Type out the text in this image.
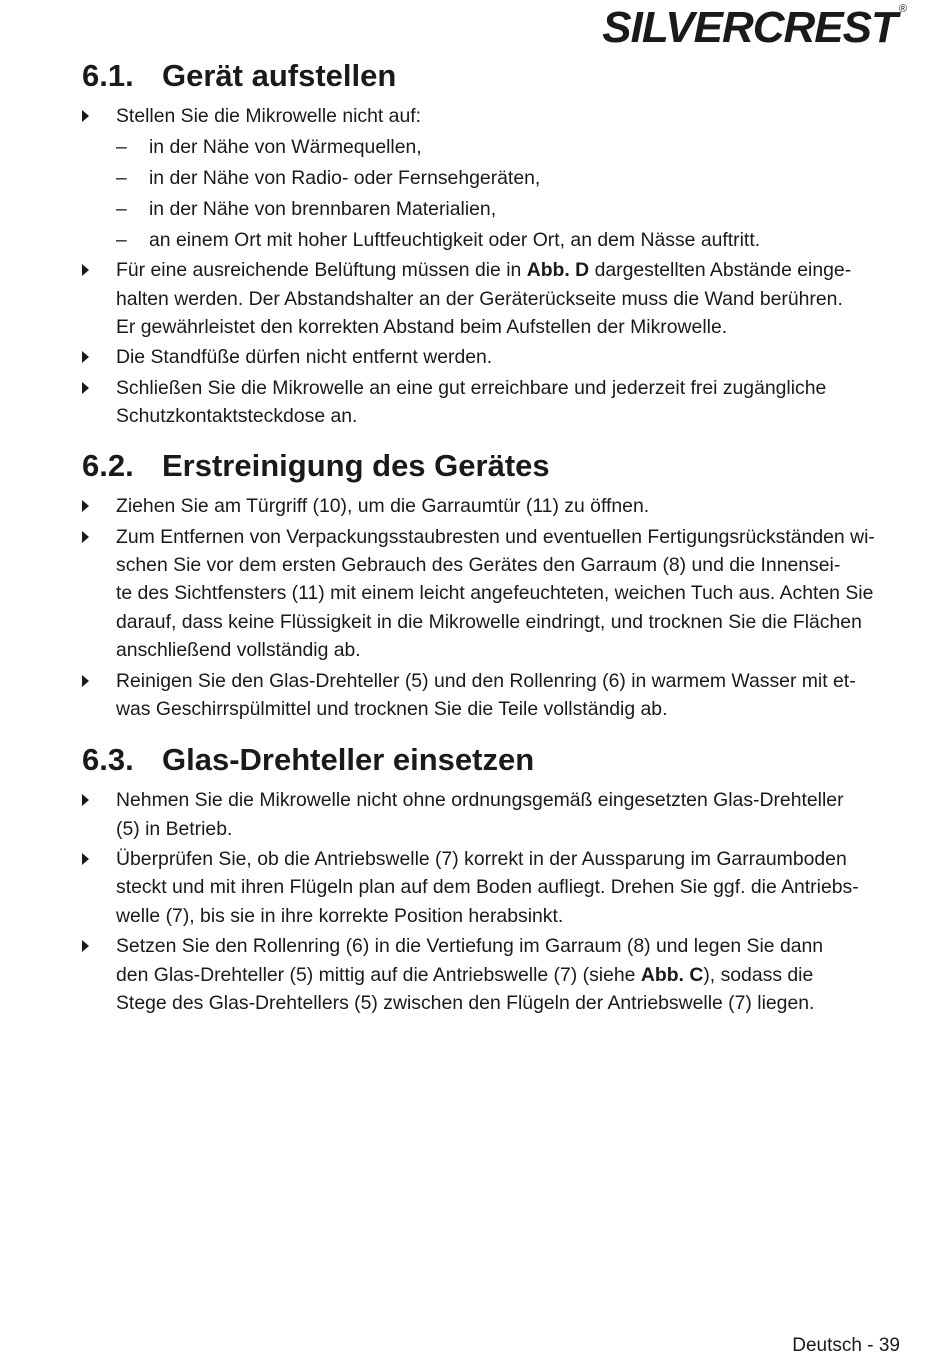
SILVERCREST ®
6.1. Gerät aufstellen
Stellen Sie die Mikrowelle nicht auf:
– in der Nähe von Wärmequellen,
– in der Nähe von Radio- oder Fernsehgeräten,
– in der Nähe von brennbaren Materialien,
– an einem Ort mit hoher Luftfeuchtigkeit oder Ort, an dem Nässe auftritt.
Für eine ausreichende Belüftung müssen die in Abb. D dargestellten Abstände einge-
halten werden. Der Abstandshalter an der Geräterückseite muss die Wand berühren.
Er gewährleistet den korrekten Abstand beim Aufstellen der Mikrowelle.
Die Standfüße dürfen nicht entfernt werden.
Schließen Sie die Mikrowelle an eine gut erreichbare und jederzeit frei zugängliche
Schutzkontaktsteckdose an.
6.2. Erstreinigung des Gerätes
Ziehen Sie am Türgriff (10), um die Garraumtür (11) zu öffnen.
Zum Entfernen von Verpackungsstaubresten und eventuellen Fertigungsrückständen wi-
schen Sie vor dem ersten Gebrauch des Gerätes den Garraum (8) und die Innensei-
te des Sichtfensters (11) mit einem leicht angefeuchteten, weichen Tuch aus. Achten Sie
darauf, dass keine Flüssigkeit in die Mikrowelle eindringt, und trocknen Sie die Flächen
anschließend vollständig ab.
Reinigen Sie den Glas-Drehteller (5) und den Rollenring (6) in warmem Wasser mit et-
was Geschirrspülmittel und trocknen Sie die Teile vollständig ab.
6.3. Glas-Drehteller einsetzen
Nehmen Sie die Mikrowelle nicht ohne ordnungsgemäß eingesetzten Glas-Drehteller
(5) in Betrieb.
Überprüfen Sie, ob die Antriebswelle (7) korrekt in der Aussparung im Garraumboden
steckt und mit ihren Flügeln plan auf dem Boden aufliegt. Drehen Sie ggf. die Antriebs-
welle (7), bis sie in ihre korrekte Position herabsinkt.
Setzen Sie den Rollenring (6) in die Vertiefung im Garraum (8) und legen Sie dann
den Glas-Drehteller (5) mittig auf die Antriebswelle (7) (siehe Abb. C), sodass die
Stege des Glas-Drehtellers (5) zwischen den Flügeln der Antriebswelle (7) liegen.
Deutsch - 39
